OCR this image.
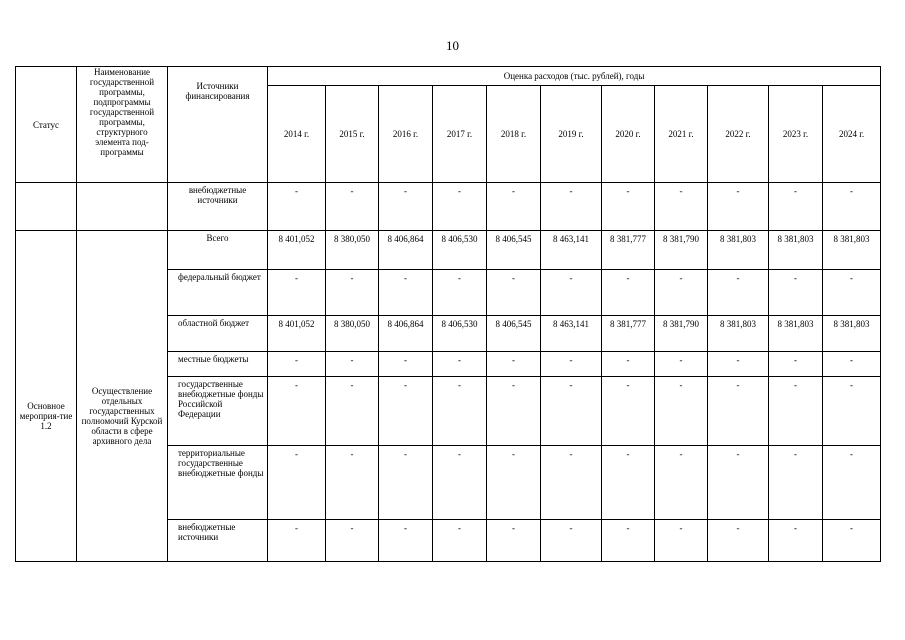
10
Статус	Наименование государственной программы, подпрограммы государственной программы, структурного элемента под-программы	Источники финансирования	Оценка расходов (тыс. рублей), годы										
			2014 г.	2015 г.	2016 г.	2017 г.	2018 г.	2019 г.	2020 г.	2021 г.	2022 г.	2023 г.	2024 г.
		внебюджетные источники	-	-	-	-	-	-	-	-	-	-	-
Основное мероприя-тие 1.2	Осуществление отдельных государственных полномочий Курской области в сфере архивного дела	Всего	8 401,052	8 380,050	8 406,864	8 406,530	8 406,545	8 463,141	8 381,777	8 381,790	8 381,803	8 381,803	8 381,803
		федеральный бюджет	-	-	-	-	-	-	-	-	-	-	-
		областной бюджет	8 401,052	8 380,050	8 406,864	8 406,530	8 406,545	8 463,141	8 381,777	8 381,790	8 381,803	8 381,803	8 381,803
		местные бюджеты	-	-	-	-	-	-	-	-	-	-	-
		государственные внебюджетные фонды Российской Федерации	-	-	-	-	-	-	-	-	-	-	-
		территориальные государственные внебюджетные фонды	-	-	-	-	-	-	-	-	-	-	-
		внебюджетные источники	-	-	-	-	-	-	-	-	-	-	-
